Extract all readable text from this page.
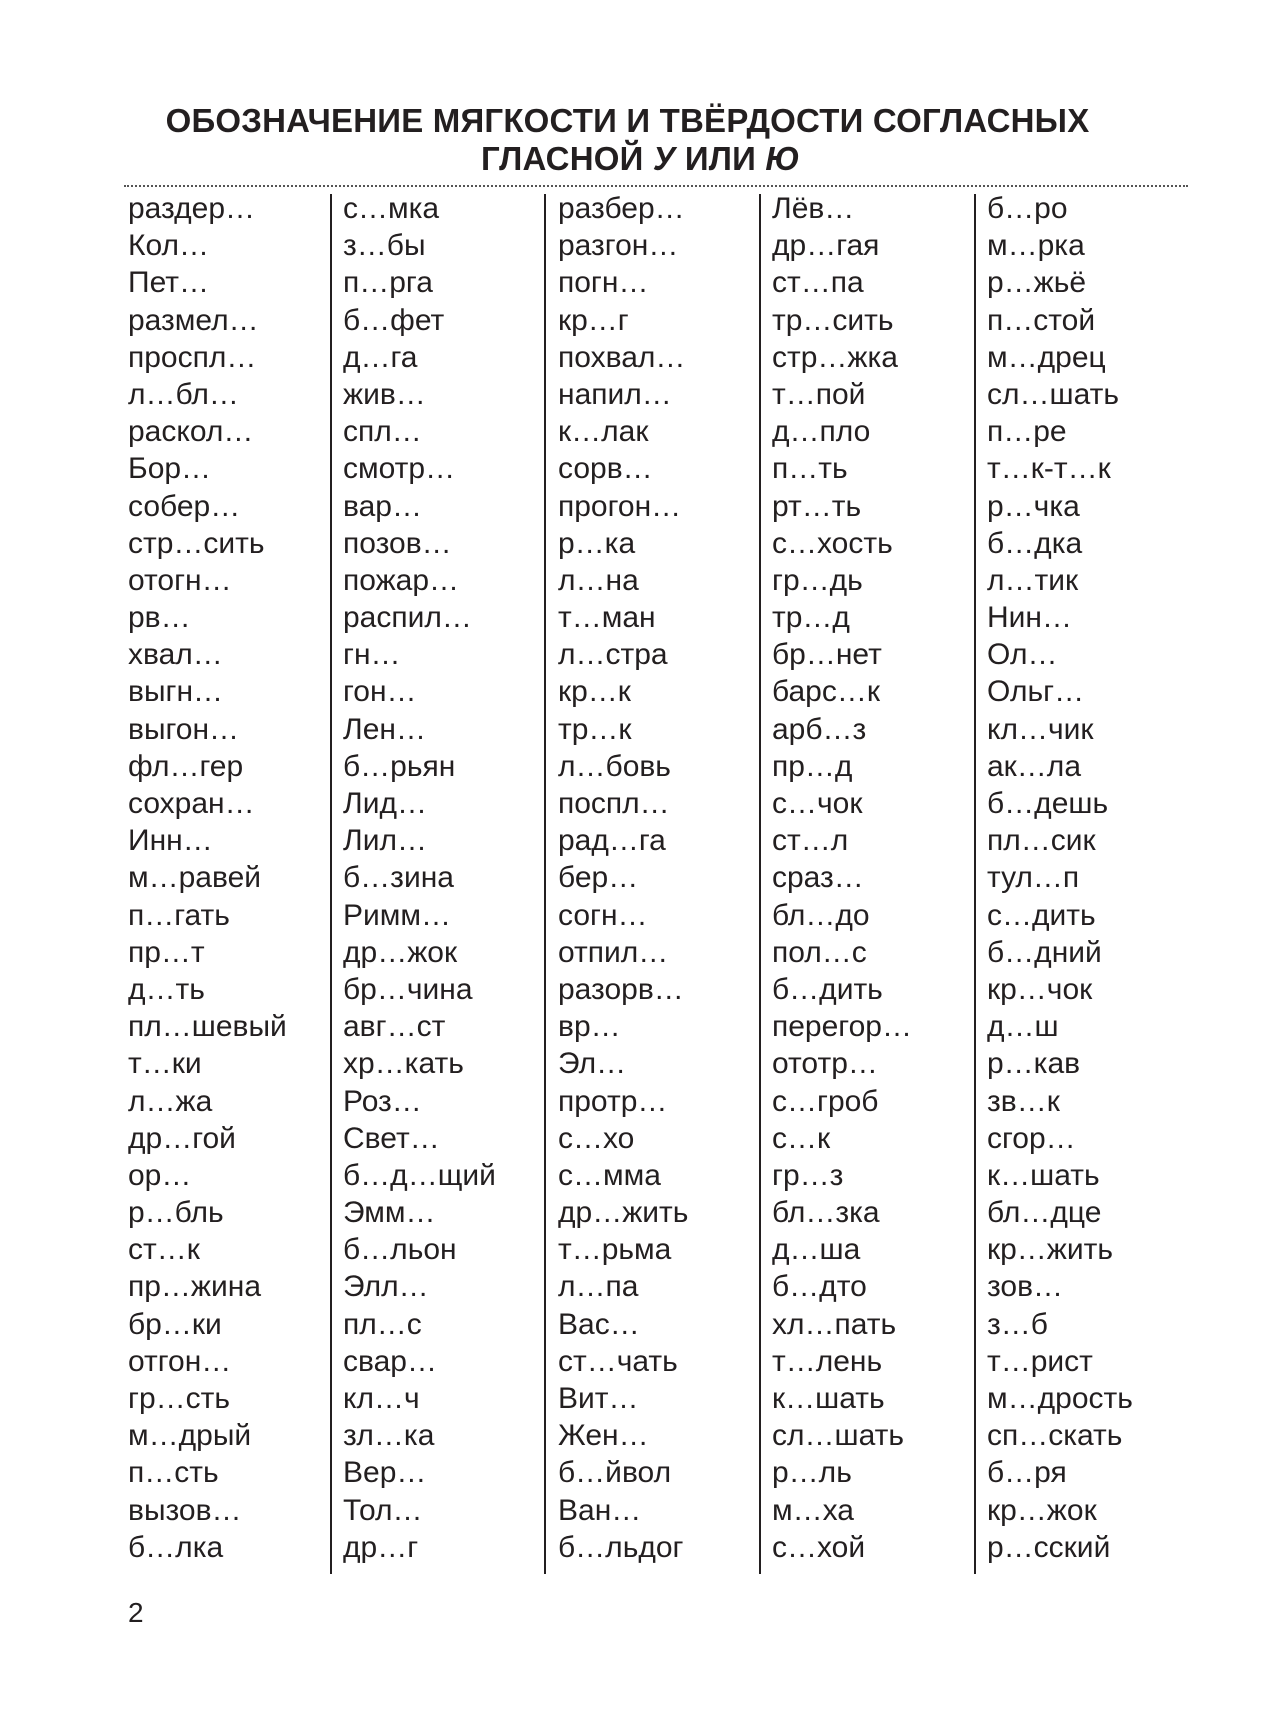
ОБОЗНАЧЕНИЕ МЯГКОСТИ И ТВЁРДОСТИ СОГЛАСНЫХ
ГЛАСНОЙ У ИЛИ Ю
раздер…
Кол…
Пет…
размел…
проспл…
л…бл…
раскол…
Бор…
собер…
стр…сить
отогн…
рв…
хвал…
выгн…
выгон…
фл…гер
сохран…
Инн…
м…равей
п…гать
пр…т
д…ть
пл…шевый
т…ки
л…жа
др…гой
ор…
р…бль
ст…к
пр…жина
бр…ки
отгон…
гр…сть
м…дрый
п…сть
вызов…
б…лка
с…мка
з…бы
п…рга
б…фет
д…га
жив…
спл…
смотр…
вар…
позов…
пожар…
распил…
гн…
гон…
Лен…
б…рьян
Лид…
Лил…
б…зина
Римм…
др…жок
бр…чина
авг…ст
хр…кать
Роз…
Свет…
б…д…щий
Эмм…
б…льон
Элл…
пл…с
свар…
кл…ч
зл…ка
Вер…
Тол…
др…г
разбер…
разгон…
погн…
кр…г
похвал…
напил…
к…лак
сорв…
прогон…
р…ка
л…на
т…ман
л…стра
кр…к
тр…к
л…бовь
поспл…
рад…га
бер…
согн…
отпил…
разорв…
вр…
Эл…
протр…
с…хо
с…мма
др…жить
т…рьма
л…па
Вас…
ст…чать
Вит…
Жен…
б…йвол
Ван…
б…льдог
Лёв…
др…гая
ст…па
тр…сить
стр…жка
т…пой
д…пло
п…ть
рт…ть
с…хость
гр…дь
тр…д
бр…нет
барс…к
арб…з
пр…д
с…чок
ст…л
сраз…
бл…до
пол…с
б…дить
перегор…
ототр…
с…гроб
с…к
гр…з
бл…зка
д…ша
б…дто
хл…пать
т…лень
к…шать
сл…шать
р…ль
м…ха
с…хой
б…ро
м…рка
р…жьё
п…стой
м…дрец
сл…шать
п…ре
т…к-т…к
р…чка
б…дка
л…тик
Нин…
Ол…
Ольг…
кл…чик
ак…ла
б…дешь
пл…сик
тул…п
с…дить
б…дний
кр…чок
д…ш
р…кав
зв…к
сгор…
к…шать
бл…дце
кр…жить
зов…
з…б
т…рист
м…дрость
сп…скать
б…ря
кр…жок
р…сский
2
